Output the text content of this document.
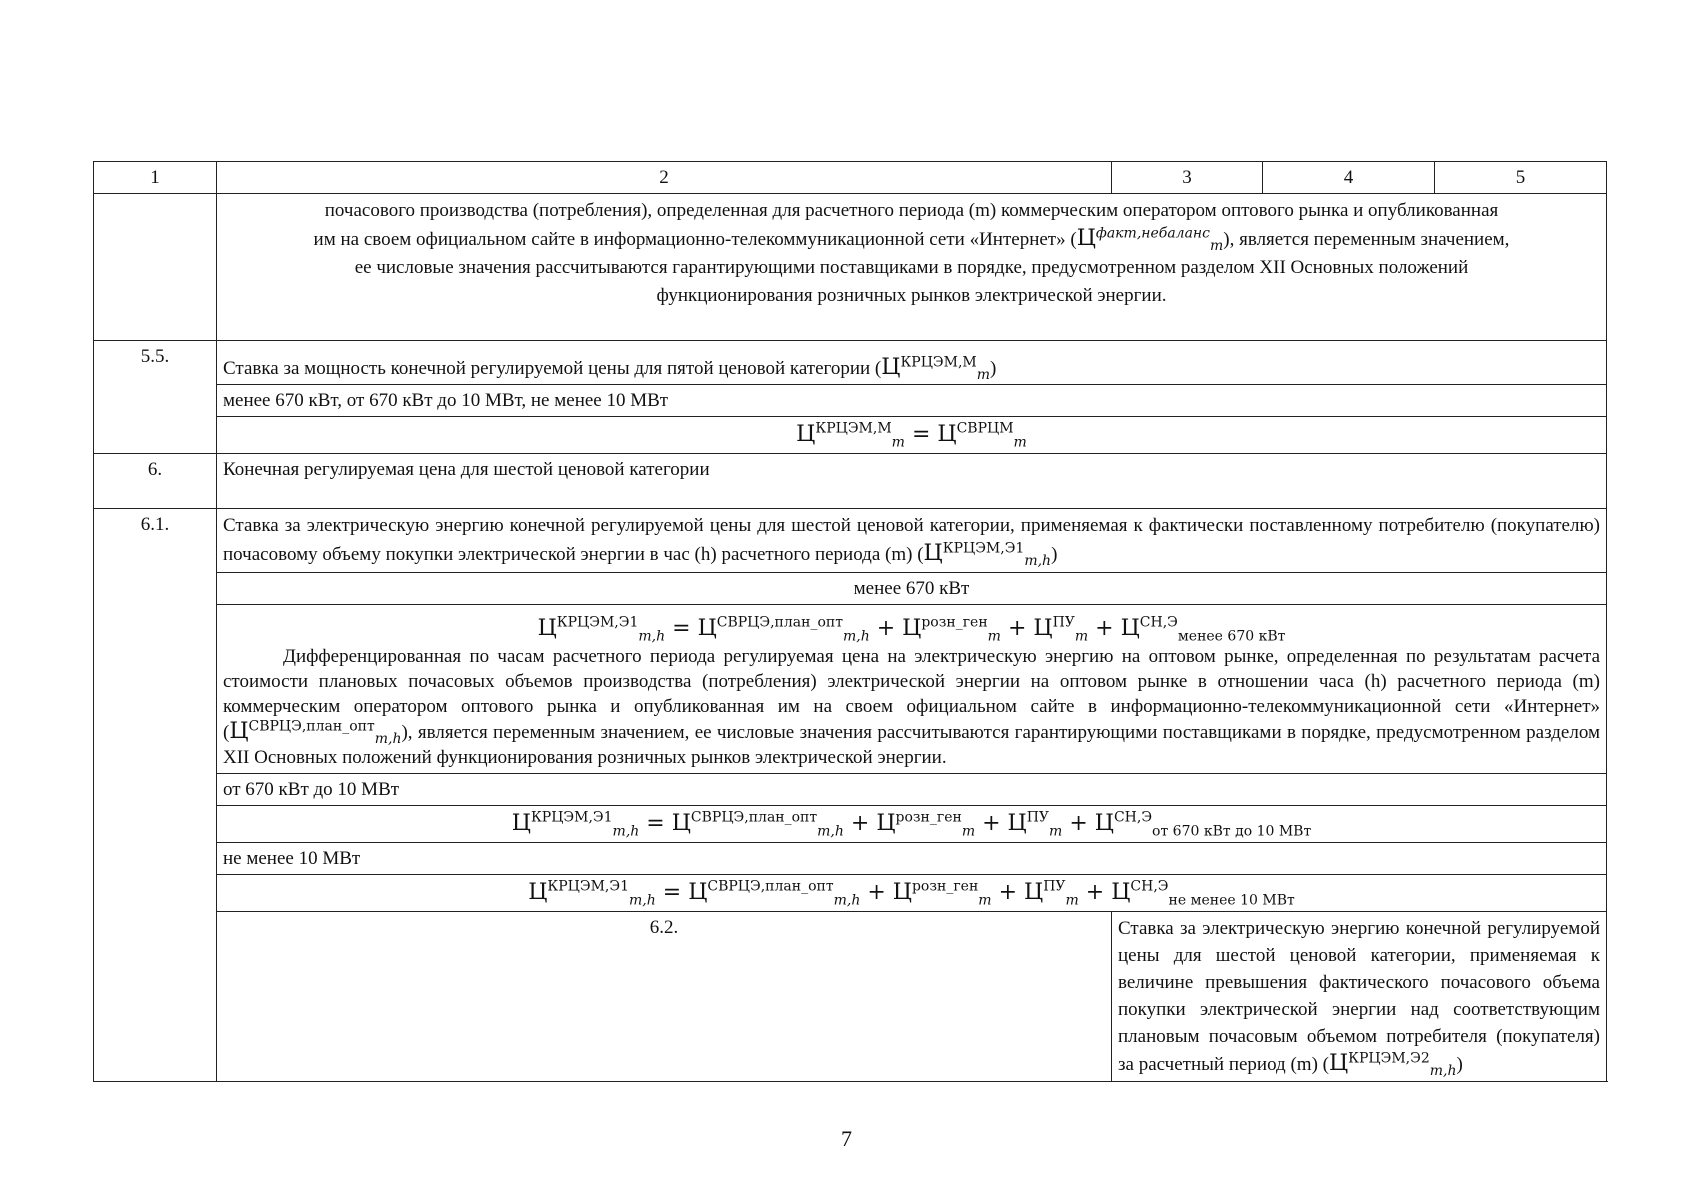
1	2	3	4	5

	почасового производства (потребления), определенная для расчетного периода (m) коммерческим оператором оптового рынка и опубликованная
им на своем официальном сайте в информационно-телекоммуникационной сети «Интернет» $(Ц^{факт,небаланс}_m)$, является переменным значением,
ее числовые значения рассчитываются гарантирующими поставщиками в порядке, предусмотренном разделом XII Основных положений
функционирования розничных рынков электрической энергии.			

5.5.	Ставка за мощность конечной регулируемой цены для пятой ценовой категории $(Ц^{КРЦЭМ,М}_m)$			
	менее 670 кВт, от 670 кВт до 10 МВт, не менее 10 МВт			
	$Ц^{КРЦЭМ,М}_m = Ц^{СВРЦМ}_m$
6.	Конечная регулируемая цена для шестой ценовой категории			
6.1.	Ставка за электрическую энергию конечной регулируемой цены для шестой ценовой категории, применяемая к фактически поставленному потребителю (покупателю) почасовому объему покупки электрической энергии в час (h) расчетного периода (m) $(Ц^{КРЦЭМ,Э1}_{m,h})$			
	менее 670 кВт			

	$Ц^{КРЦЭМ,Э1}_{m,h} = Ц^{СВРЦЭ,план\_опт}_{m,h} + Ц^{розн\_ген}_m + Ц^{ПУ}_m + Ц^{СН,Э}_{менее 670 кВт}$
Дифференцированная по часам расчетного периода регулируемая цена на электрическую энергию на оптовом рынке, определенная по результатам расчета стоимости плановых почасовых объемов производства (потребления) электрической энергии на оптовом рынке в отношении часа (h) расчетного периода (m) коммерческим оператором оптового рынка и опубликованная им на своем официальном сайте в информационно-телекоммуникационной сети «Интернет» $(Ц^{СВРЦЭ,план\_опт}_{m,h})$, является переменным значением, ее числовые значения рассчитываются гарантирующими поставщиками в порядке, предусмотренном разделом XII Основных положений функционирования розничных рынков электрической энергии.			

	от 670 кВт до 10 МВт			
	$Ц^{КРЦЭМ,Э1}_{m,h} = Ц^{СВРЦЭ,план\_опт}_{m,h} + Ц^{розн\_ген}_m + Ц^{ПУ}_m + Ц^{СН,Э}_{от 670 кВт до 10 МВт}$
	не менее 10 МВт			
	$Ц^{КРЦЭМ,Э1}_{m,h} = Ц^{СВРЦЭ,план\_опт}_{m,h} + Ц^{розн\_ген}_m + Ц^{ПУ}_m + Ц^{СН,Э}_{не менее 10 МВт}$
	6.2.	Ставка за электрическую энергию конечной регулируемой цены для шестой ценовой категории, применяемая к величине превышения фактического почасового объема покупки электрической энергии над соответствующим плановым почасовым объемом потребителя (покупателя) за расчетный период (m) $(Ц^{КРЦЭМ,Э2}_{m,h})$		
7
